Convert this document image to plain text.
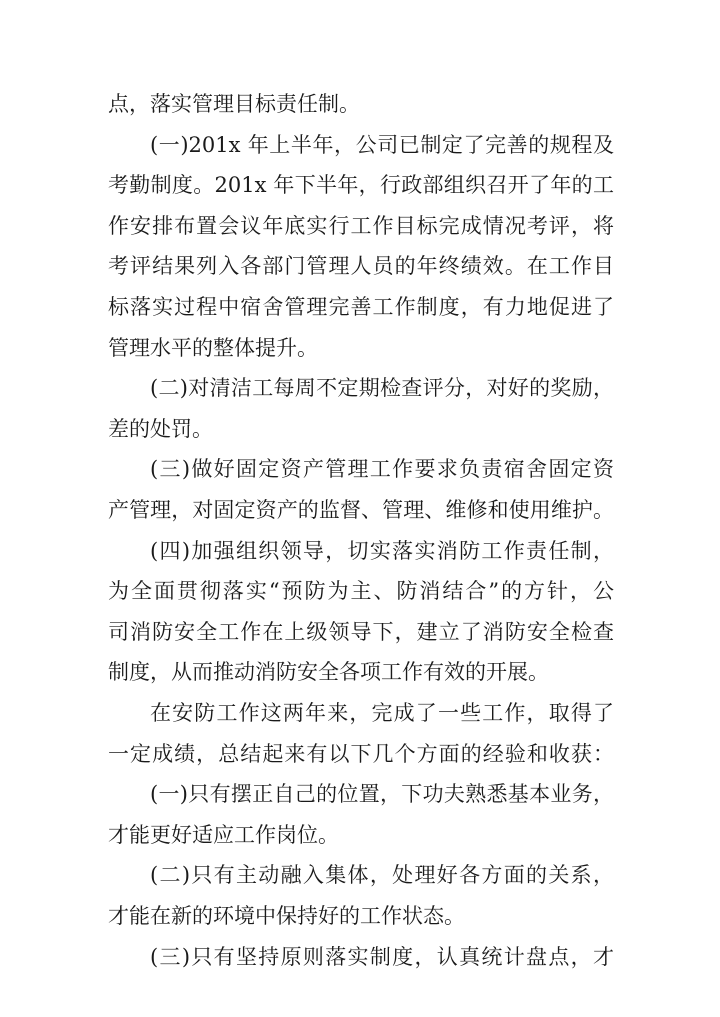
点，落实管理目标责任制。
(一)201x 年上半年，公司已制定了完善的规程及
考勤制度。201x 年下半年，行政部组织召开了年的工
作安排布置会议年底实行工作目标完成情况考评，将
考评结果列入各部门管理人员的年终绩效。在工作目
标落实过程中宿舍管理完善工作制度，有力地促进了
管理水平的整体提升。
(二)对清洁工每周不定期检查评分，对好的奖励，
差的处罚。
(三)做好固定资产管理工作要求负责宿舍固定资
产管理，对固定资产的监督、管理、维修和使用维护。
(四)加强组织领导，切实落实消防工作责任制，
为全面贯彻落实“预防为主、防消结合”的方针，公
司消防安全工作在上级领导下，建立了消防安全检查
制度，从而推动消防安全各项工作有效的开展。
在安防工作这两年来，完成了一些工作，取得了
一定成绩，总结起来有以下几个方面的经验和收获：
(一)只有摆正自己的位置，下功夫熟悉基本业务，
才能更好适应工作岗位。
(二)只有主动融入集体，处理好各方面的关系，
才能在新的环境中保持好的工作状态。
(三)只有坚持原则落实制度，认真统计盘点，才
